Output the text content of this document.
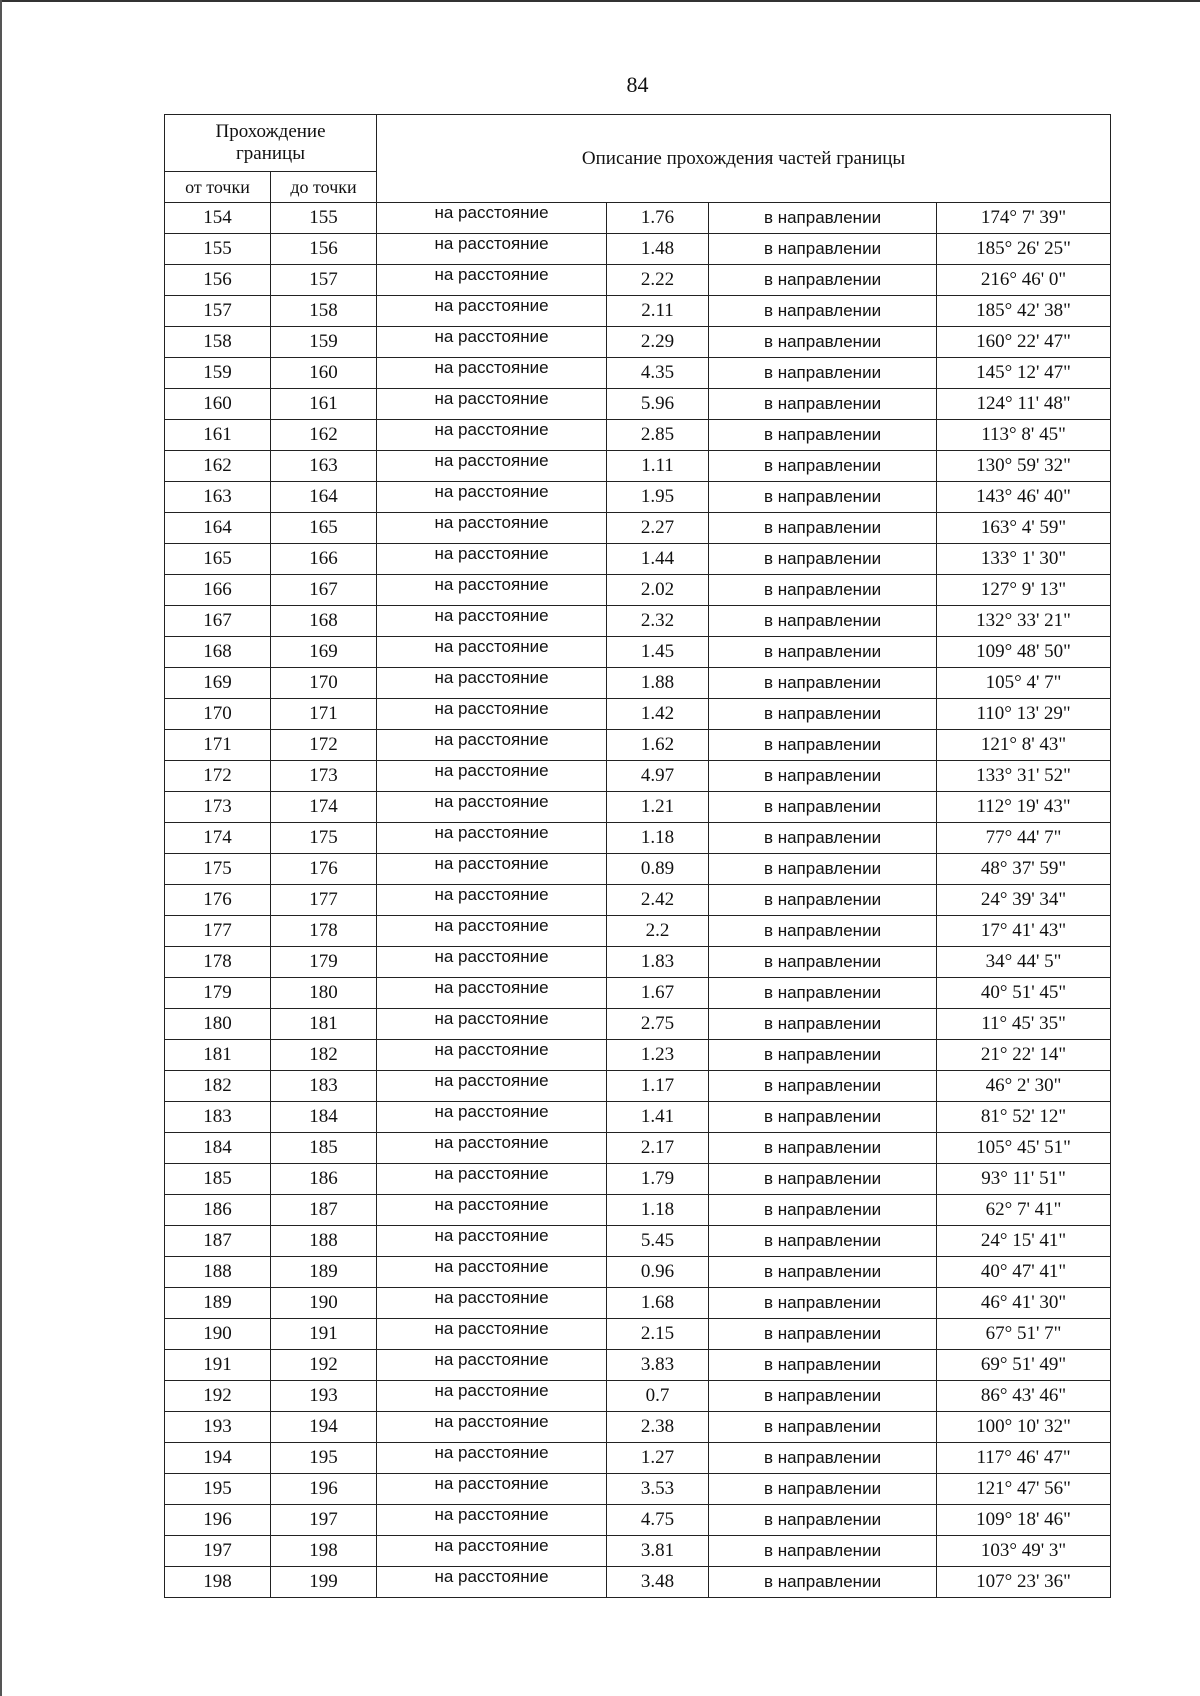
84
Прохождение границы		Описание прохождения частей границы			
от точки	до точки				
154	155	на расстояние	1.76	в направлении	174° 7' 39"
155	156	на расстояние	1.48	в направлении	185° 26' 25"
156	157	на расстояние	2.22	в направлении	216° 46' 0"
157	158	на расстояние	2.11	в направлении	185° 42' 38"
158	159	на расстояние	2.29	в направлении	160° 22' 47"
159	160	на расстояние	4.35	в направлении	145° 12' 47"
160	161	на расстояние	5.96	в направлении	124° 11' 48"
161	162	на расстояние	2.85	в направлении	113° 8' 45"
162	163	на расстояние	1.11	в направлении	130° 59' 32"
163	164	на расстояние	1.95	в направлении	143° 46' 40"
164	165	на расстояние	2.27	в направлении	163° 4' 59"
165	166	на расстояние	1.44	в направлении	133° 1' 30"
166	167	на расстояние	2.02	в направлении	127° 9' 13"
167	168	на расстояние	2.32	в направлении	132° 33' 21"
168	169	на расстояние	1.45	в направлении	109° 48' 50"
169	170	на расстояние	1.88	в направлении	105° 4' 7"
170	171	на расстояние	1.42	в направлении	110° 13' 29"
171	172	на расстояние	1.62	в направлении	121° 8' 43"
172	173	на расстояние	4.97	в направлении	133° 31' 52"
173	174	на расстояние	1.21	в направлении	112° 19' 43"
174	175	на расстояние	1.18	в направлении	77° 44' 7"
175	176	на расстояние	0.89	в направлении	48° 37' 59"
176	177	на расстояние	2.42	в направлении	24° 39' 34"
177	178	на расстояние	2.2	в направлении	17° 41' 43"
178	179	на расстояние	1.83	в направлении	34° 44' 5"
179	180	на расстояние	1.67	в направлении	40° 51' 45"
180	181	на расстояние	2.75	в направлении	11° 45' 35"
181	182	на расстояние	1.23	в направлении	21° 22' 14"
182	183	на расстояние	1.17	в направлении	46° 2' 30"
183	184	на расстояние	1.41	в направлении	81° 52' 12"
184	185	на расстояние	2.17	в направлении	105° 45' 51"
185	186	на расстояние	1.79	в направлении	93° 11' 51"
186	187	на расстояние	1.18	в направлении	62° 7' 41"
187	188	на расстояние	5.45	в направлении	24° 15' 41"
188	189	на расстояние	0.96	в направлении	40° 47' 41"
189	190	на расстояние	1.68	в направлении	46° 41' 30"
190	191	на расстояние	2.15	в направлении	67° 51' 7"
191	192	на расстояние	3.83	в направлении	69° 51' 49"
192	193	на расстояние	0.7	в направлении	86° 43' 46"
193	194	на расстояние	2.38	в направлении	100° 10' 32"
194	195	на расстояние	1.27	в направлении	117° 46' 47"
195	196	на расстояние	3.53	в направлении	121° 47' 56"
196	197	на расстояние	4.75	в направлении	109° 18' 46"
197	198	на расстояние	3.81	в направлении	103° 49' 3"
198	199	на расстояние	3.48	в направлении	107° 23' 36"
